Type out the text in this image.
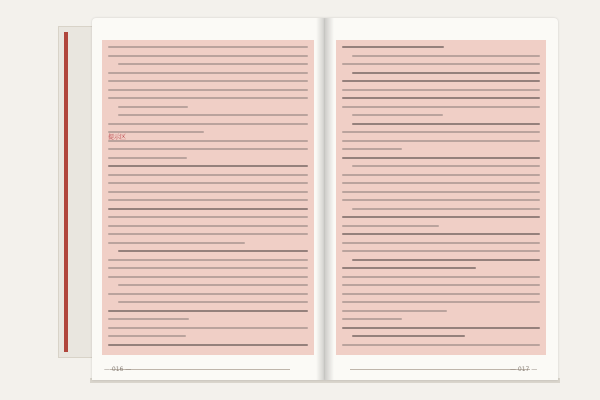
提示区
— 016 —	— 017 —
